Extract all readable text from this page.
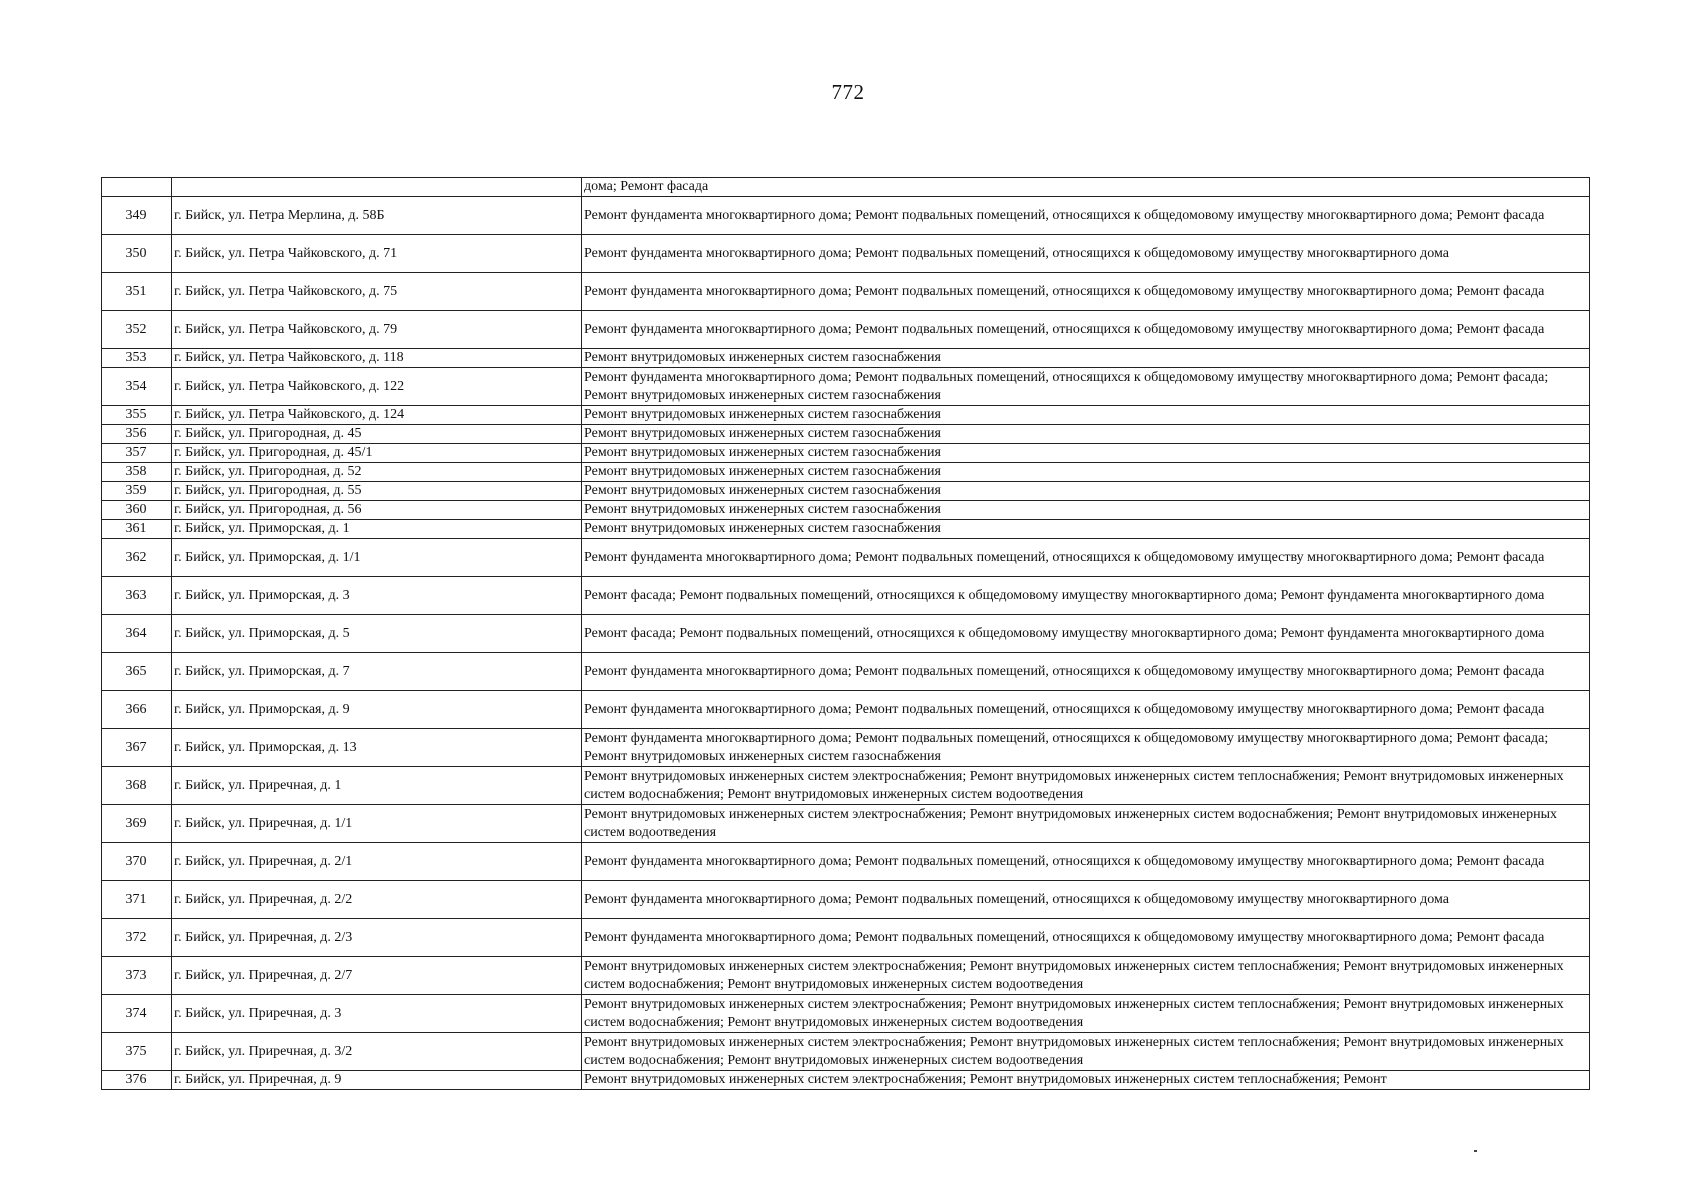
772
		дома; Ремонт фасада
349	г. Бийск, ул. Петра Мерлина, д. 58Б	Ремонт фундамента многоквартирного дома; Ремонт подвальных помещений, относящихся к общедомовому имуществу многоквартирного дома; Ремонт фасада
350	г. Бийск, ул. Петра Чайковского, д. 71	Ремонт фундамента многоквартирного дома; Ремонт подвальных помещений, относящихся к общедомовому имуществу многоквартирного дома
351	г. Бийск, ул. Петра Чайковского, д. 75	Ремонт фундамента многоквартирного дома; Ремонт подвальных помещений, относящихся к общедомовому имуществу многоквартирного дома; Ремонт фасада
352	г. Бийск, ул. Петра Чайковского, д. 79	Ремонт фундамента многоквартирного дома; Ремонт подвальных помещений, относящихся к общедомовому имуществу многоквартирного дома; Ремонт фасада
353	г. Бийск, ул. Петра Чайковского, д. 118	Ремонт внутридомовых инженерных систем газоснабжения
354	г. Бийск, ул. Петра Чайковского, д. 122	Ремонт фундамента многоквартирного дома; Ремонт подвальных помещений, относящихся к общедомовому имуществу многоквартирного дома; Ремонт фасада; Ремонт внутридомовых инженерных систем газоснабжения
355	г. Бийск, ул. Петра Чайковского, д. 124	Ремонт внутридомовых инженерных систем газоснабжения
356	г. Бийск, ул. Пригородная, д. 45	Ремонт внутридомовых инженерных систем газоснабжения
357	г. Бийск, ул. Пригородная, д. 45/1	Ремонт внутридомовых инженерных систем газоснабжения
358	г. Бийск, ул. Пригородная, д. 52	Ремонт внутридомовых инженерных систем газоснабжения
359	г. Бийск, ул. Пригородная, д. 55	Ремонт внутридомовых инженерных систем газоснабжения
360	г. Бийск, ул. Пригородная, д. 56	Ремонт внутридомовых инженерных систем газоснабжения
361	г. Бийск, ул. Приморская, д. 1	Ремонт внутридомовых инженерных систем газоснабжения
362	г. Бийск, ул. Приморская, д. 1/1	Ремонт фундамента многоквартирного дома; Ремонт подвальных помещений, относящихся к общедомовому имуществу многоквартирного дома; Ремонт фасада
363	г. Бийск, ул. Приморская, д. 3	Ремонт фасада; Ремонт подвальных помещений, относящихся к общедомовому имуществу многоквартирного дома; Ремонт фундамента многоквартирного дома
364	г. Бийск, ул. Приморская, д. 5	Ремонт фасада; Ремонт подвальных помещений, относящихся к общедомовому имуществу многоквартирного дома; Ремонт фундамента многоквартирного дома
365	г. Бийск, ул. Приморская, д. 7	Ремонт фундамента многоквартирного дома; Ремонт подвальных помещений, относящихся к общедомовому имуществу многоквартирного дома; Ремонт фасада
366	г. Бийск, ул. Приморская, д. 9	Ремонт фундамента многоквартирного дома; Ремонт подвальных помещений, относящихся к общедомовому имуществу многоквартирного дома; Ремонт фасада
367	г. Бийск, ул. Приморская, д. 13	Ремонт фундамента многоквартирного дома; Ремонт подвальных помещений, относящихся к общедомовому имуществу многоквартирного дома; Ремонт фасада; Ремонт внутридомовых инженерных систем газоснабжения
368	г. Бийск, ул. Приречная, д. 1	Ремонт внутридомовых инженерных систем электроснабжения; Ремонт внутридомовых инженерных систем теплоснабжения; Ремонт внутридомовых инженерных систем водоснабжения; Ремонт внутридомовых инженерных систем водоотведения
369	г. Бийск, ул. Приречная, д. 1/1	Ремонт внутридомовых инженерных систем электроснабжения; Ремонт внутридомовых инженерных систем водоснабжения; Ремонт внутридомовых инженерных систем водоотведения
370	г. Бийск, ул. Приречная, д. 2/1	Ремонт фундамента многоквартирного дома; Ремонт подвальных помещений, относящихся к общедомовому имуществу многоквартирного дома; Ремонт фасада
371	г. Бийск, ул. Приречная, д. 2/2	Ремонт фундамента многоквартирного дома; Ремонт подвальных помещений, относящихся к общедомовому имуществу многоквартирного дома
372	г. Бийск, ул. Приречная, д. 2/3	Ремонт фундамента многоквартирного дома; Ремонт подвальных помещений, относящихся к общедомовому имуществу многоквартирного дома; Ремонт фасада
373	г. Бийск, ул. Приречная, д. 2/7	Ремонт внутридомовых инженерных систем электроснабжения; Ремонт внутридомовых инженерных систем теплоснабжения; Ремонт внутридомовых инженерных систем водоснабжения; Ремонт внутридомовых инженерных систем водоотведения
374	г. Бийск, ул. Приречная, д. 3	Ремонт внутридомовых инженерных систем электроснабжения; Ремонт внутридомовых инженерных систем теплоснабжения; Ремонт внутридомовых инженерных систем водоснабжения; Ремонт внутридомовых инженерных систем водоотведения
375	г. Бийск, ул. Приречная, д. 3/2	Ремонт внутридомовых инженерных систем электроснабжения; Ремонт внутридомовых инженерных систем теплоснабжения; Ремонт внутридомовых инженерных систем водоснабжения; Ремонт внутридомовых инженерных систем водоотведения
376	г. Бийск, ул. Приречная, д. 9	Ремонт внутридомовых инженерных систем электроснабжения; Ремонт внутридомовых инженерных систем теплоснабжения; Ремонт
